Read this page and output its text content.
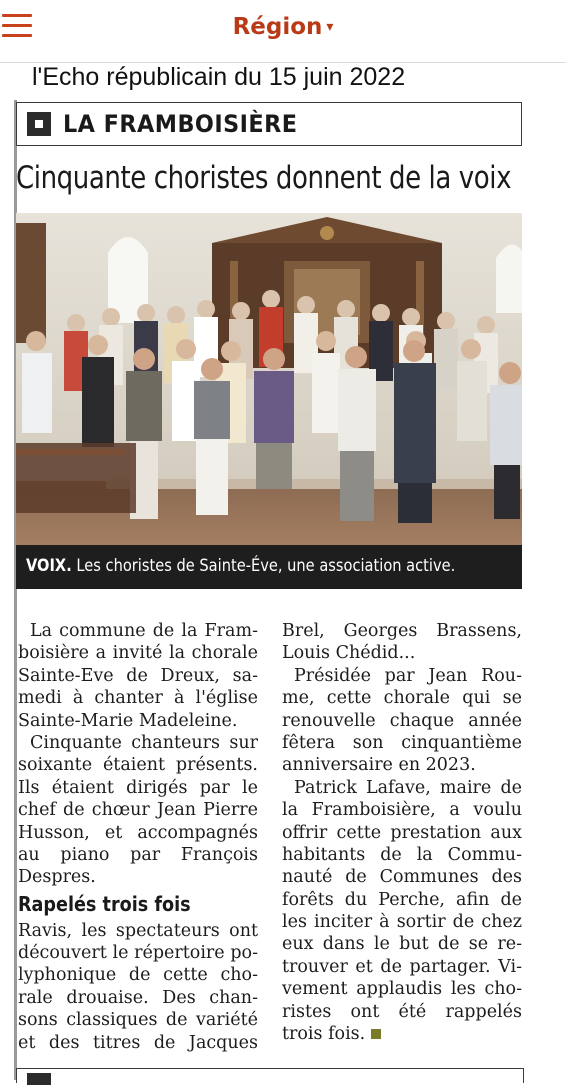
Région ▾
l'Echo républicain du 15 juin 2022
LA FRAMBOISIÈRE
Cinquante choristes donnent de la voix

VOIX. Les choristes de Sainte-Éve, une association active.

La commune de la Fram-
boisière a invité la chorale
Sainte-Eve de Dreux, sa-
medi à chanter à l'église
Sainte-Marie Madeleine.
Cinquante chanteurs sur
soixante étaient présents.
Ils étaient dirigés par le
chef de chœur Jean Pierre
Husson, et accompagnés
au piano par François
Despres.
Rapelés trois fois
Ravis, les spectateurs ont
découvert le répertoire po-
lyphonique de cette cho-
rale drouaise. Des chan-
sons classiques de variété
et des titres de Jacques
Brel, Georges Brassens,
Louis Chédid...
Présidée par Jean Rou-
me, cette chorale qui se
renouvelle chaque année
fêtera son cinquantième
anniversaire en 2023.
Patrick Lafave, maire de
la Framboisière, a voulu
offrir cette prestation aux
habitants de la Commu-
nauté de Communes des
forêts du Perche, afin de
les inciter à sortir de chez
eux dans le but de se re-
trouver et de partager. Vi-
vement applaudis les cho-
ristes ont été rappelés
trois fois.
